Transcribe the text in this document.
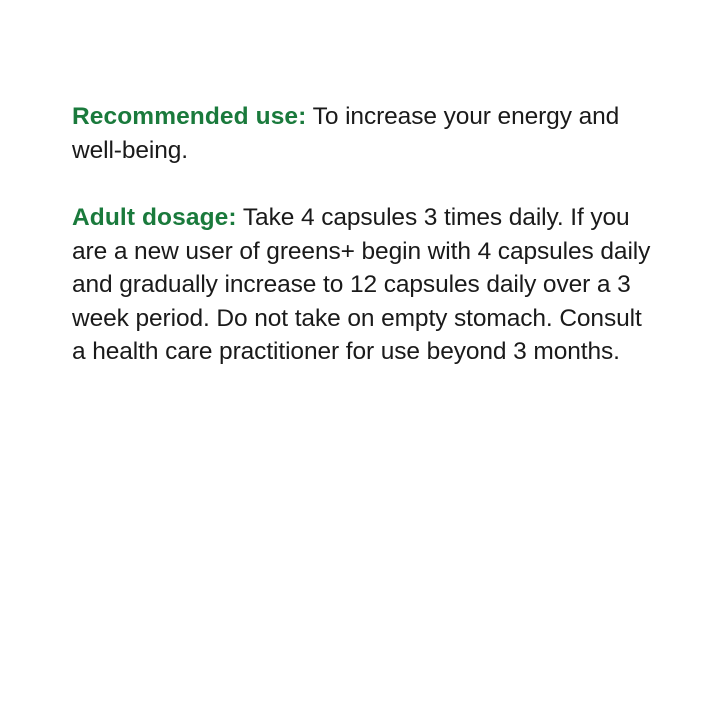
Recommended use: To increase your energy and well-being.

Adult dosage: Take 4 capsules 3 times daily. If you are a new user of greens+ begin with 4 capsules daily and gradually increase to 12 capsules daily over a 3 week period. Do not take on empty stomach. Consult a health care practitioner for use beyond 3 months.
